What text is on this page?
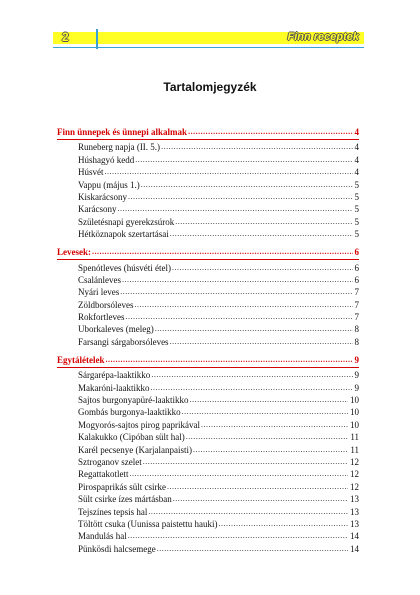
2	Finn receptek
Tartalomjegyzék
Finn ünnepek és ünnepi alkalmak .....	4
Runeberg napja (II. 5.) .....	4
Húshagyó kedd .....	4
Húsvét .....	4
Vappu (május 1.) .....	5
Kiskarácsony .....	5
Karácsony .....	5
Születésnapi gyerekzsúrok .....	5
Hétköznapok szertartásai .....	5
Levesek: .....	6
Spenótleves (húsvéti étel) .....	6
Csalánleves .....	6
Nyári leves .....	7
Zöldborsóleves .....	7
Rokfortleves .....	7
Uborkaleves (meleg) .....	8
Farsangi sárgaborsóleves .....	8
Egytálételek .....	9
Sárgarépa-laaktikko .....	9
Makaróni-laaktikko .....	9
Sajtos burgonyapüré-laaktikko .....	10
Gombás burgonya-laaktikko .....	10
Mogyorós-sajtos pirog paprikával .....	10
Kalakukko (Cipóban sült hal) .....	11
Karél pecsenye (Karjalanpaisti) .....	11
Sztroganov szelet .....	12
Regattakotlett .....	12
Pirospaprikás sült csirke .....	12
Sült csirke ízes mártásban .....	13
Tejszínes tepsis hal .....	13
Töltött csuka (Uunissa paistettu hauki) .....	13
Mandulás hal .....	14
Pünkösdi halcsemege .....	14
